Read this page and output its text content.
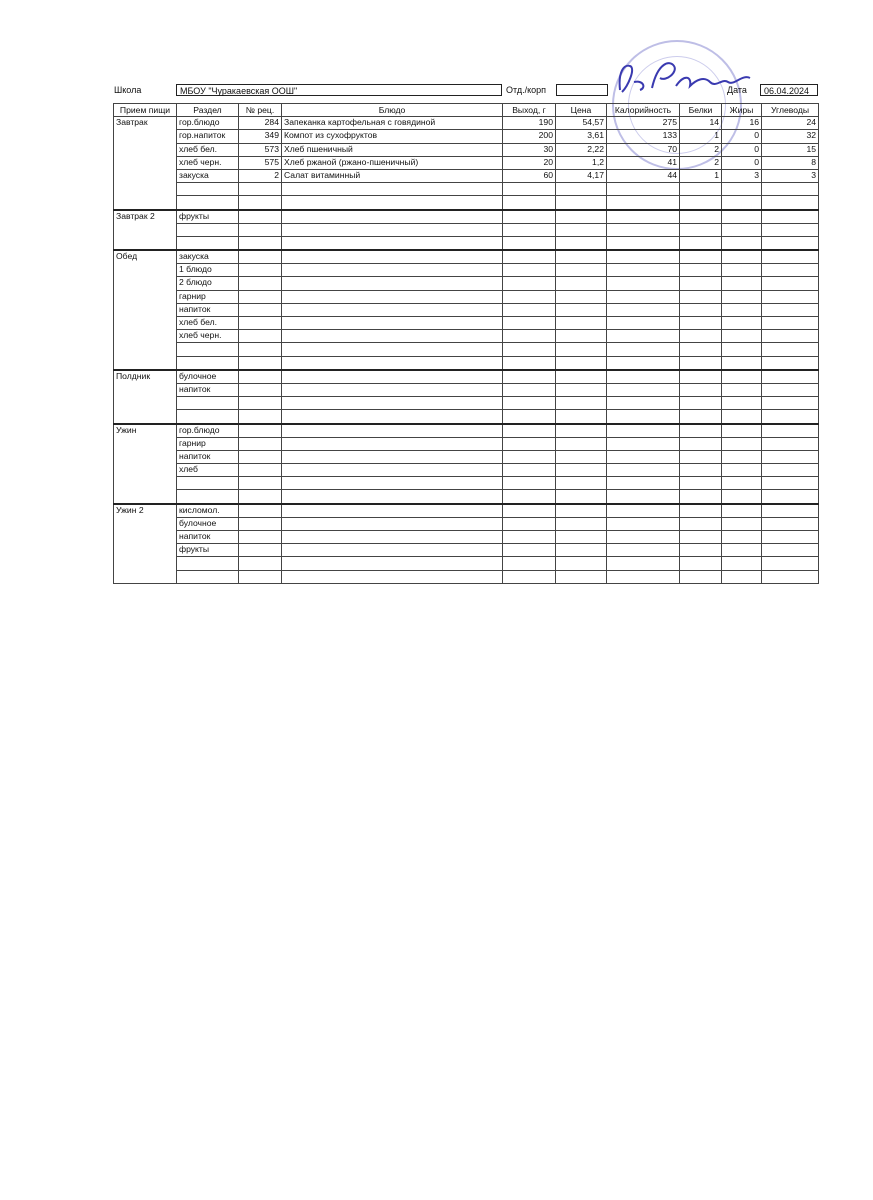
Школа	МБОУ "Чуракаевская ООШ"	Отд./корп	Дата	06.04.2024
Прием пищи	Раздел	№ рец.	Блюдо	Выход, г	Цена	Калорийность	Белки	Жиры	Углеводы
Завтрак	гор.блюдо	284	Запеканка картофельная с говядиной	190	54,57	275	14	16	24
	гор.напиток	349	Компот из сухофруктов	200	3,61	133	1	0	32
	хлеб бел.	573	Хлеб пшеничный	30	2,22	70	2	0	15
	хлеб черн.	575	Хлеб ржаной (ржано-пшеничный)	20	1,2	41	2	0	8
	закуска	2	Салат витаминный	60	4,17	44	1	3	3

Завтрак 2	фрукты								

Обед	закуска								
	1 блюдо								
	2 блюдо								
	гарнир								
	напиток								
	хлеб бел.								
	хлеб черн.								

Полдник	булочное								
	напиток								

Ужин	гор.блюдо								
	гарнир								
	напиток								
	хлеб								

Ужин 2	кисломол.								
	булочное								
	напиток								
	фрукты								
